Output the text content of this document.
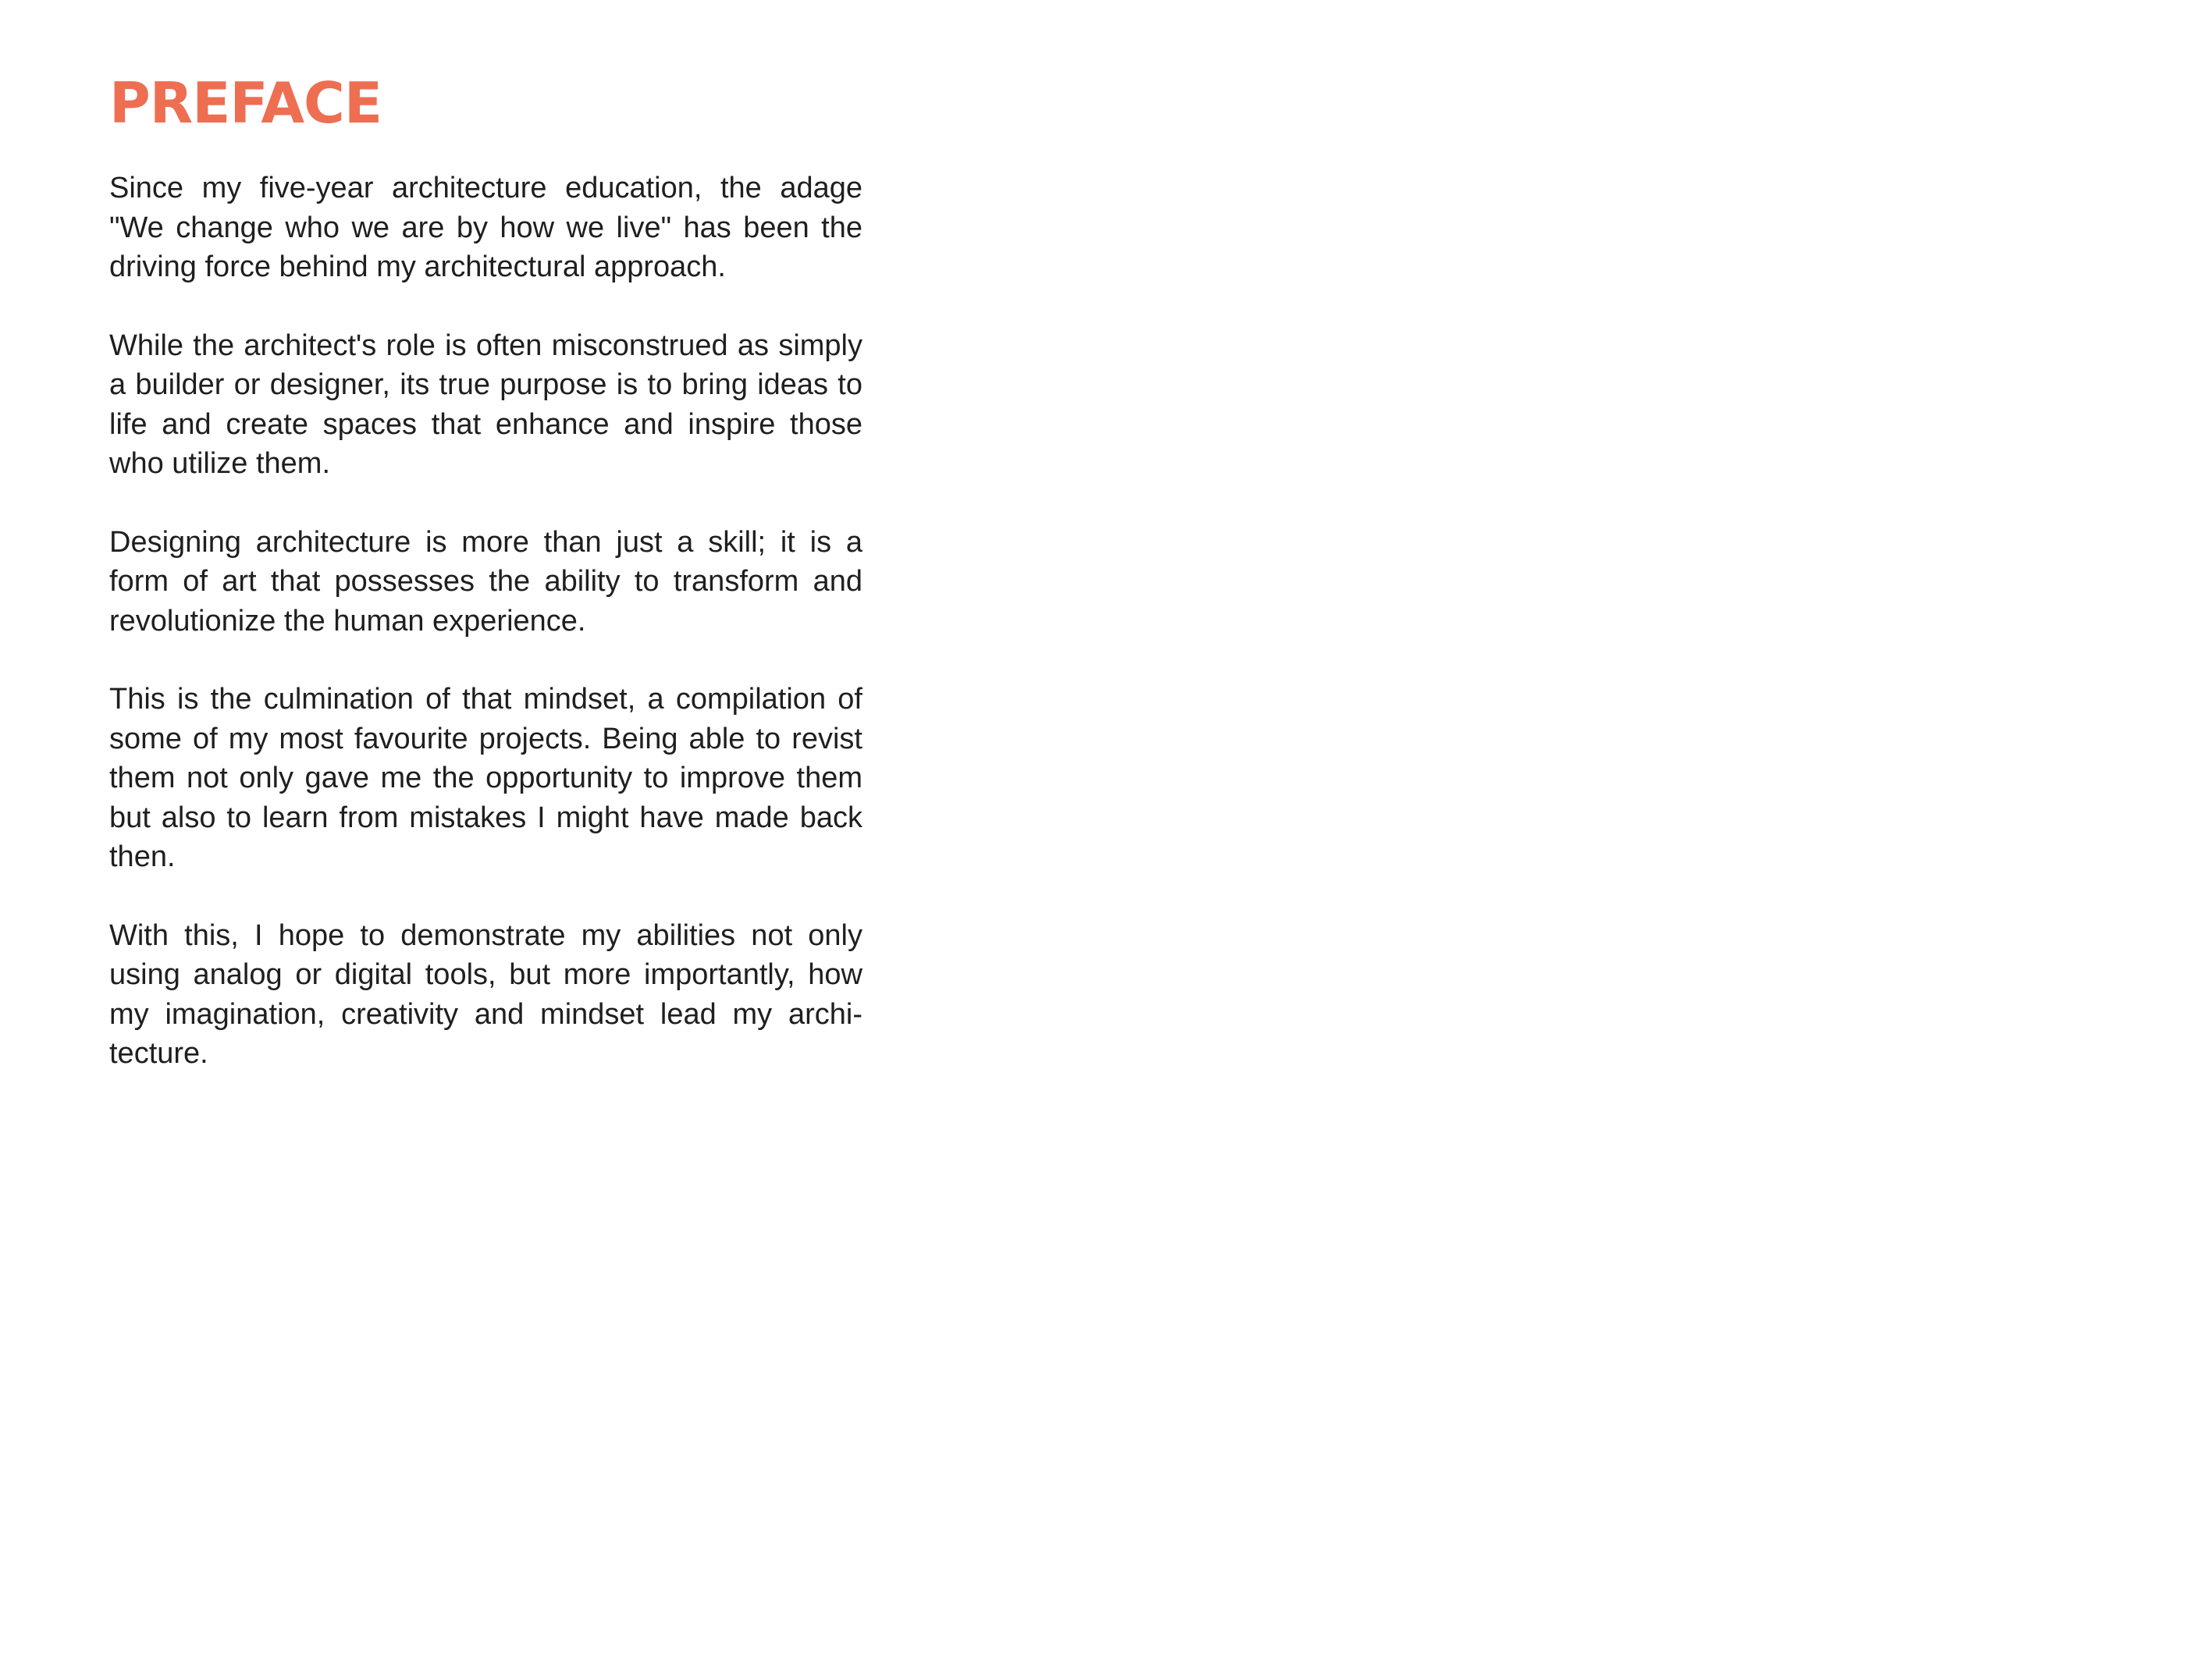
PREFACE

Since my five-year architecture education, the adage "We change who we are by how we live" has been the driving force behind my architectural approach.

While the architect's role is often misconstrued as simply a builder or designer, its true purpose is to bring ideas to life and create spaces that enhance and inspire those who utilize them.

Designing architecture is more than just a skill; it is a form of art that possesses the ability to transform and revolutionize the human experience.

This is the culmination of that mindset, a compilation of some of my most favourite projects. Being able to revist them not only gave me the opportunity to improve them but also to learn from mistakes I might have made back then.

With this, I hope to demonstrate my abilities not only using analog or digital tools, but more importantly, how my imagination, creativity and mindset lead my architecture.
